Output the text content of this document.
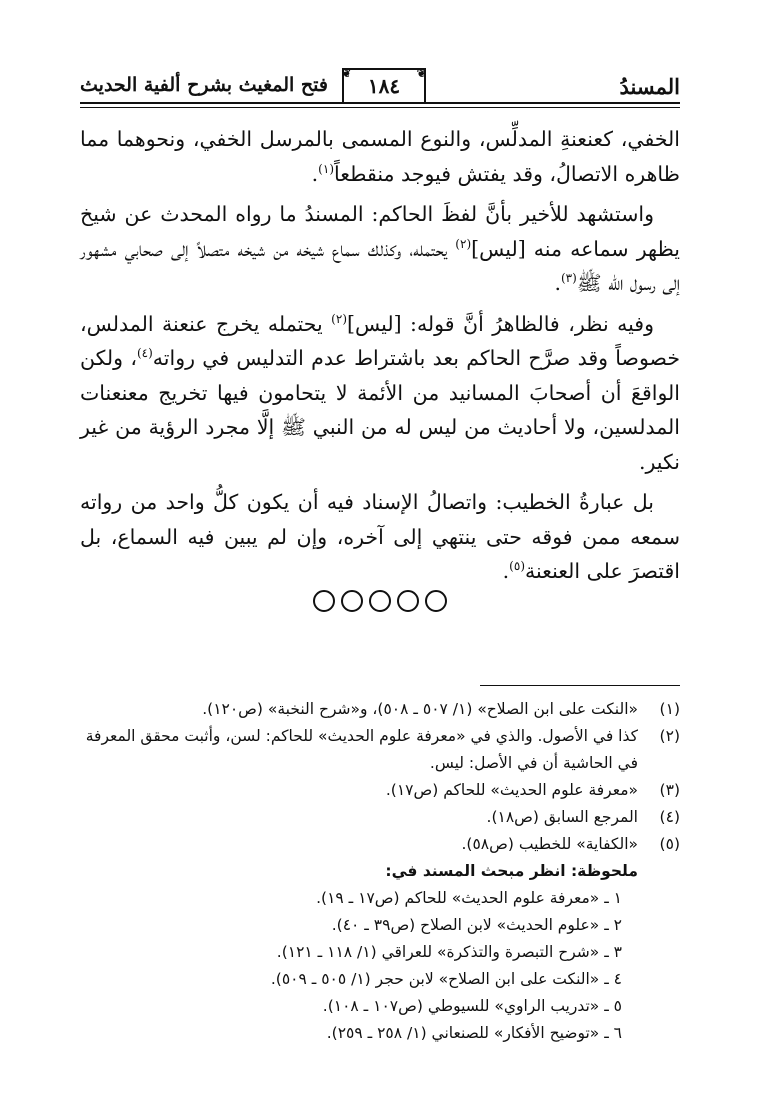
المسندُ
❦	❦
١٨٤
فتح المغيث بشرح ألفية الحديث

الخفي، كعنعنةِ المدلِّس، والنوع المسمى بالمرسل الخفي، ونحوهما مما ظاهره الاتصالُ، وقد يفتش فيوجد منقطعاً$^{(١)}$.

واستشهد للأخير بأنَّ لفظَ الحاكم: المسندُ ما رواه المحدث عن شيخ يظهر سماعه منه [ليس]$^{(٢)}$ يحتمله، وكذلك سماع شيخه من شيخه متصلاً إلى صحابي مشهور إلى رسول الله ﷺ$^{(٣)}$.

وفيه نظر، فالظاهرُ أنَّ قوله: [ليس]$^{(٢)}$ يحتمله يخرج عنعنة المدلس، خصوصاً وقد صرَّح الحاكم بعد باشتراط عدم التدليس في رواته$^{(٤)}$، ولكن الواقعَ أن أصحابَ المسانيد من الأئمة لا يتحامون فيها تخريج معنعنات المدلسين، ولا أحاديث من ليس له من النبي ﷺ إلَّا مجرد الرؤية من غير نكير.

بل عبارةُ الخطيب: واتصالُ الإسناد فيه أن يكون كلُّ واحد من رواته سمعه ممن فوقه حتى ينتهي إلى آخره، وإن لم يبين فيه السماع، بل اقتصرَ على العنعنة$^{(٥)}$.

(١)
«النكت على ابن الصلاح» (١/ ٥٠٧ ـ ٥٠٨)، و«شرح النخبة» (ص١٢٠).
(٢)
كذا في الأصول. والذي في «معرفة علوم الحديث» للحاكم: لسن، وأثبت محقق المعرفة في الحاشية أن في الأصل: ليس.
(٣)
«معرفة علوم الحديث» للحاكم (ص١٧).
(٤)
المرجع السابق (ص١٨).
(٥)
«الكفاية» للخطيب (ص٥٨).
ملحوظة: انظر مبحث المسند في:
١ ـ «معرفة علوم الحديث» للحاكم (ص١٧ ـ ١٩).
٢ ـ «علوم الحديث» لابن الصلاح (ص٣٩ ـ ٤٠).
٣ ـ «شرح التبصرة والتذكرة» للعراقي (١/ ١١٨ ـ ١٢١).
٤ ـ «النكت على ابن الصلاح» لابن حجر (١/ ٥٠٥ ـ ٥٠٩).
٥ ـ «تدريب الراوي» للسيوطي (ص١٠٧ ـ ١٠٨).
٦ ـ «توضيح الأفكار» للصنعاني (١/ ٢٥٨ ـ ٢٥٩).
